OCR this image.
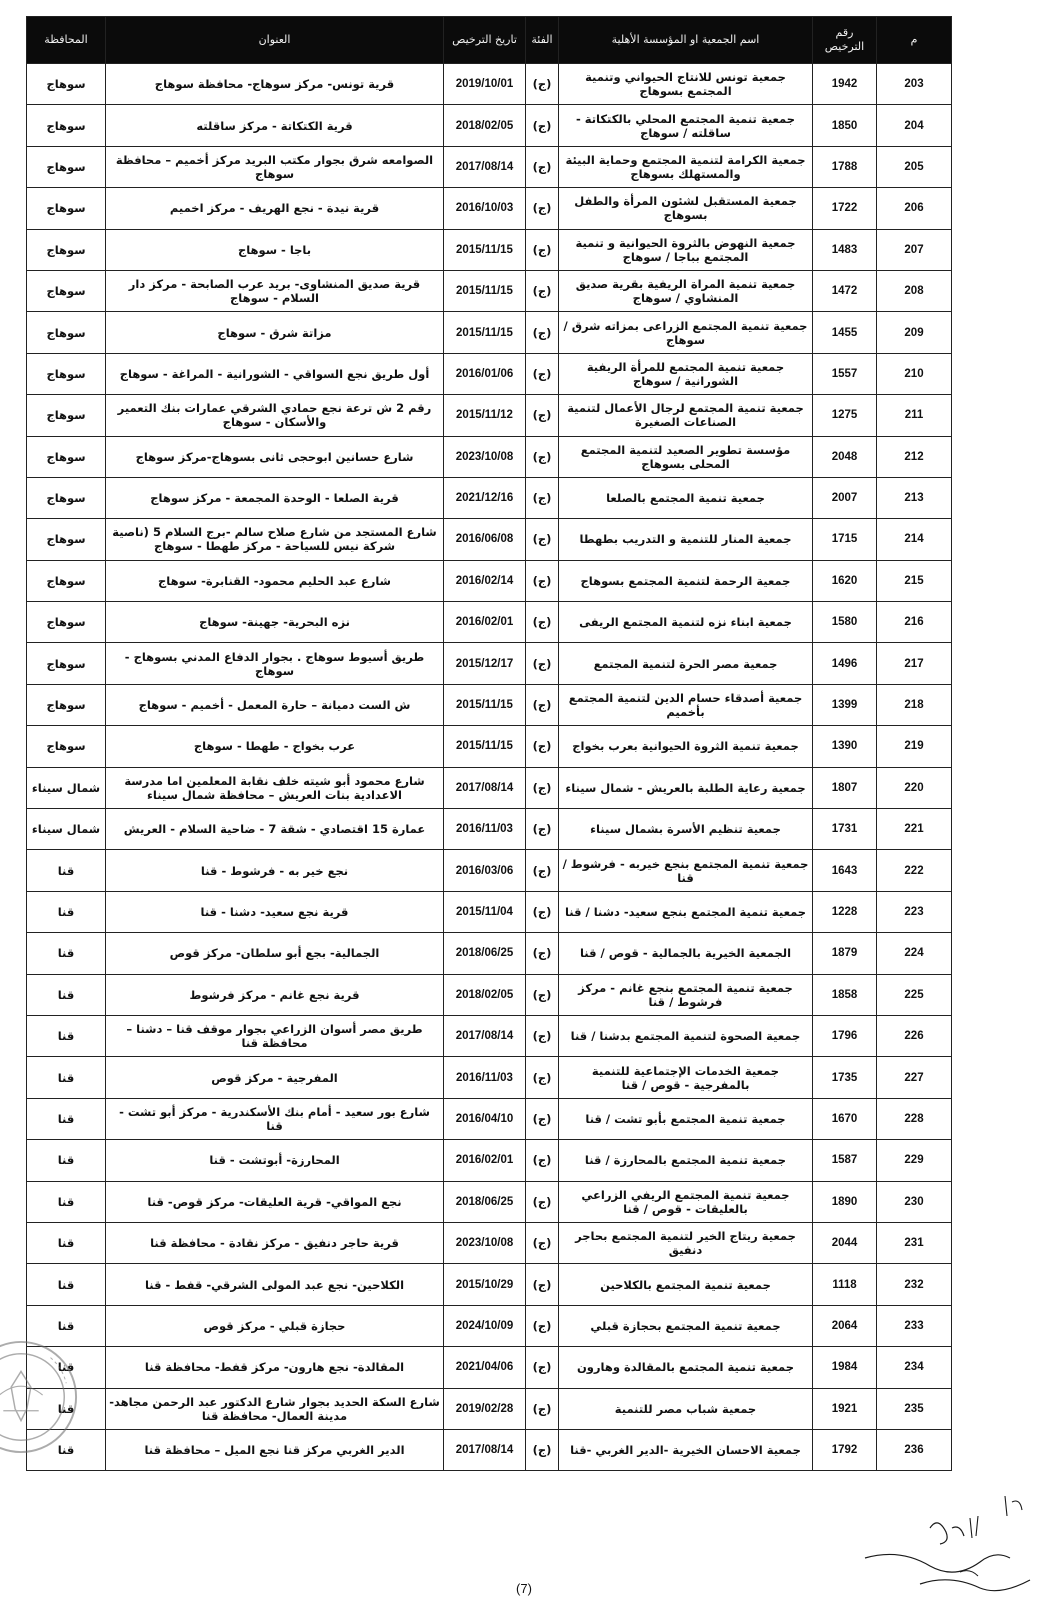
م	رقم الترخيص	اسم الجمعية او المؤسسة الأهلية	الفئة	تاريخ الترخيص	العنوان	المحافظة
203	1942	جمعية تونس للانتاج الحيواني وتنمية المجتمع بسوهاج	(ج)	2019/10/01	قرية تونس- مركز سوهاج- محافظة سوهاج	سوهاج
204	1850	جمعية تنمية المجتمع المحلي بالكتكاتة - ساقلته / سوهاج	(ج)	2018/02/05	قرية الكتكاتة - مركز ساقلته	سوهاج
205	1788	جمعية الكرامة لتنمية المجتمع وحماية البيئة والمستهلك بسوهاج	(ج)	2017/08/14	الصوامعه شرق بجوار مكتب البريد مركز أخميم – محافظة سوهاج	سوهاج
206	1722	جمعية المستقبل لشئون المرأة والطفل بسوهاج	(ج)	2016/10/03	قرية نيدة - نجع الهريف - مركز اخميم	سوهاج
207	1483	جمعية النهوض بالثروة الحيوانية و تنمية المجتمع بباجا / سوهاج	(ج)	2015/11/15	باجا - سوهاج	سوهاج
208	1472	جمعية تنمية المراة الريفية بقرية صديق المنشاوي / سوهاج	(ج)	2015/11/15	قرية صديق المنشاوى- بريد عرب الصابحة - مركز دار السلام - سوهاج	سوهاج
209	1455	جمعية تنمية المجتمع الزراعى بمزاته شرق / سوهاج	(ج)	2015/11/15	مزاتة شرق - سوهاج	سوهاج
210	1557	جمعية تنمية المجتمع للمرأة الريفية الشورانية / سوهاج	(ج)	2016/01/06	أول طريق نجع السواقي - الشورانية - المراغة - سوهاج	سوهاج
211	1275	جمعية تنمية المجتمع لرجال الأعمال لتنمية الصناعات الصغيرة	(ج)	2015/11/12	رقم 2 ش ترعة نجع حمادي الشرقي عمارات بنك التعمير والأسكان - سوهاج	سوهاج
212	2048	مؤسسة تطوير الصعيد لتنمية المجتمع المحلى بسوهاج	(ج)	2023/10/08	شارع حسانين ابوحجى ثانى بسوهاج-مركز سوهاج	سوهاج
213	2007	جمعية تنمية المجتمع بالصلعا	(ج)	2021/12/16	قرية الصلعا - الوحدة المجمعة - مركز سوهاج	سوهاج
214	1715	جمعية المنار للتنمية و التدريب بطهطا	(ج)	2016/06/08	شارع المستجد من شارع صلاح سالم -برج السلام 5 (ناصية شركة نيس للسياحة - مركز طهطا - سوهاج	سوهاج
215	1620	جمعية الرحمة لتنمية المجتمع بسوهاج	(ج)	2016/02/14	شارع عبد الحليم محمود- القنابرة- سوهاج	سوهاج
216	1580	جمعية ابناء نزه لتنمية المجتمع الريفى	(ج)	2016/02/01	نزه البحرية- جهينة- سوهاج	سوهاج
217	1496	جمعية مصر الحرة لتنمية المجتمع	(ج)	2015/12/17	طريق أسيوط سوهاج . بجوار الدفاع المدني بسوهاج - سوهاج	سوهاج
218	1399	جمعية أصدقاء حسام الدين لتنمية المجتمع بأخميم	(ج)	2015/11/15	ش الست دميانة – حارة المعمل - أخميم - سوهاج	سوهاج
219	1390	جمعية تنمية الثروة الحيوانية بعرب بخواج	(ج)	2015/11/15	عرب بخواج - طهطا - سوهاج	سوهاج
220	1807	جمعية رعاية الطلبة بالعريش - شمال سيناء	(ج)	2017/08/14	شارع محمود أبو شيته خلف نقابة المعلمين اما مدرسة الاعدادية بنات العريش – محافظة شمال سيناء	شمال سيناء
221	1731	جمعية تنظيم الأسرة بشمال سيناء	(ج)	2016/11/03	عمارة 15 اقتصادي - شقة 7 - ضاحية السلام - العريش	شمال سيناء
222	1643	جمعية تنمية المجتمع بنجع خيربه - فرشوط / قنا	(ج)	2016/03/06	نجع خير به - فرشوط - قنا	قنا
223	1228	جمعية تنمية المجتمع بنجع سعيد- دشنا / قنا	(ج)	2015/11/04	قرية نجع سعيد- دشنا - قنا	قنا
224	1879	الجمعية الخيرية بالجمالية - قوص / قنا	(ج)	2018/06/25	الجمالية- بجع أبو سلطان- مركز قوص	قنا
225	1858	جمعية تنمية المجتمع بنجع غانم - مركز فرشوط / قنا	(ج)	2018/02/05	قرية نجع غانم - مركز فرشوط	قنا
226	1796	جمعية الصحوة لتنمية المجتمع بدشنا / قنا	(ج)	2017/08/14	طريق مصر أسوان الزراعي بجوار موقف قنا – دشنا – محافظة قنا	قنا
227	1735	جمعية الخدمات الإجتماعية للتنمية بالمفرجية - قوص / قنا	(ج)	2016/11/03	المفرجية - مركز قوص	قنا
228	1670	جمعية تنمية المجتمع بأبو تشت / قنا	(ج)	2016/04/10	شارع بور سعيد - أمام بنك الأسكندرية - مركز أبو تشت - قنا	قنا
229	1587	جمعية تنمية المجتمع بالمحارزة / قنا	(ج)	2016/02/01	المحارزة- أبوتشت - قنا	قنا
230	1890	جمعية تنمية المجتمع الريفي الزراعي بالعليقات - قوص / قنا	(ج)	2018/06/25	نجع المواقي- قرية العليقات- مركز قوص- قنا	قنا
231	2044	جمعية ريتاج الخير لتنمية المجتمع بحاجر دنفيق	(ج)	2023/10/08	قرية حاجر دنفيق - مركز نقادة - محافظة قنا	قنا
232	1118	جمعية تنمية المجتمع بالكلاحين	(ج)	2015/10/29	الكلاحين- نجع عبد المولى الشرقي- قفط - قنا	قنا
233	2064	جمعية تنمية المجتمع بحجازة قبلي	(ج)	2024/10/09	حجازة قبلي - مركز قوص	قنا
234	1984	جمعية تنمية المجتمع بالمقالدة وهارون	(ج)	2021/04/06	المقالدة- نجع هارون- مركز قفط- محافظة قنا	قنا
235	1921	جمعية شباب مصر للتنمية	(ج)	2019/02/28	شارع السكة الحديد بجوار شارع الدكتور عبد الرحمن مجاهد- مدينة العمال- محافظة قنا	قنا
236	1792	جمعية الاحسان الخيرية -الدير الغربي -قنا	(ج)	2017/08/14	الدير الغربي مركز قنا نجع الميل – محافظة قنا	قنا
(7)
